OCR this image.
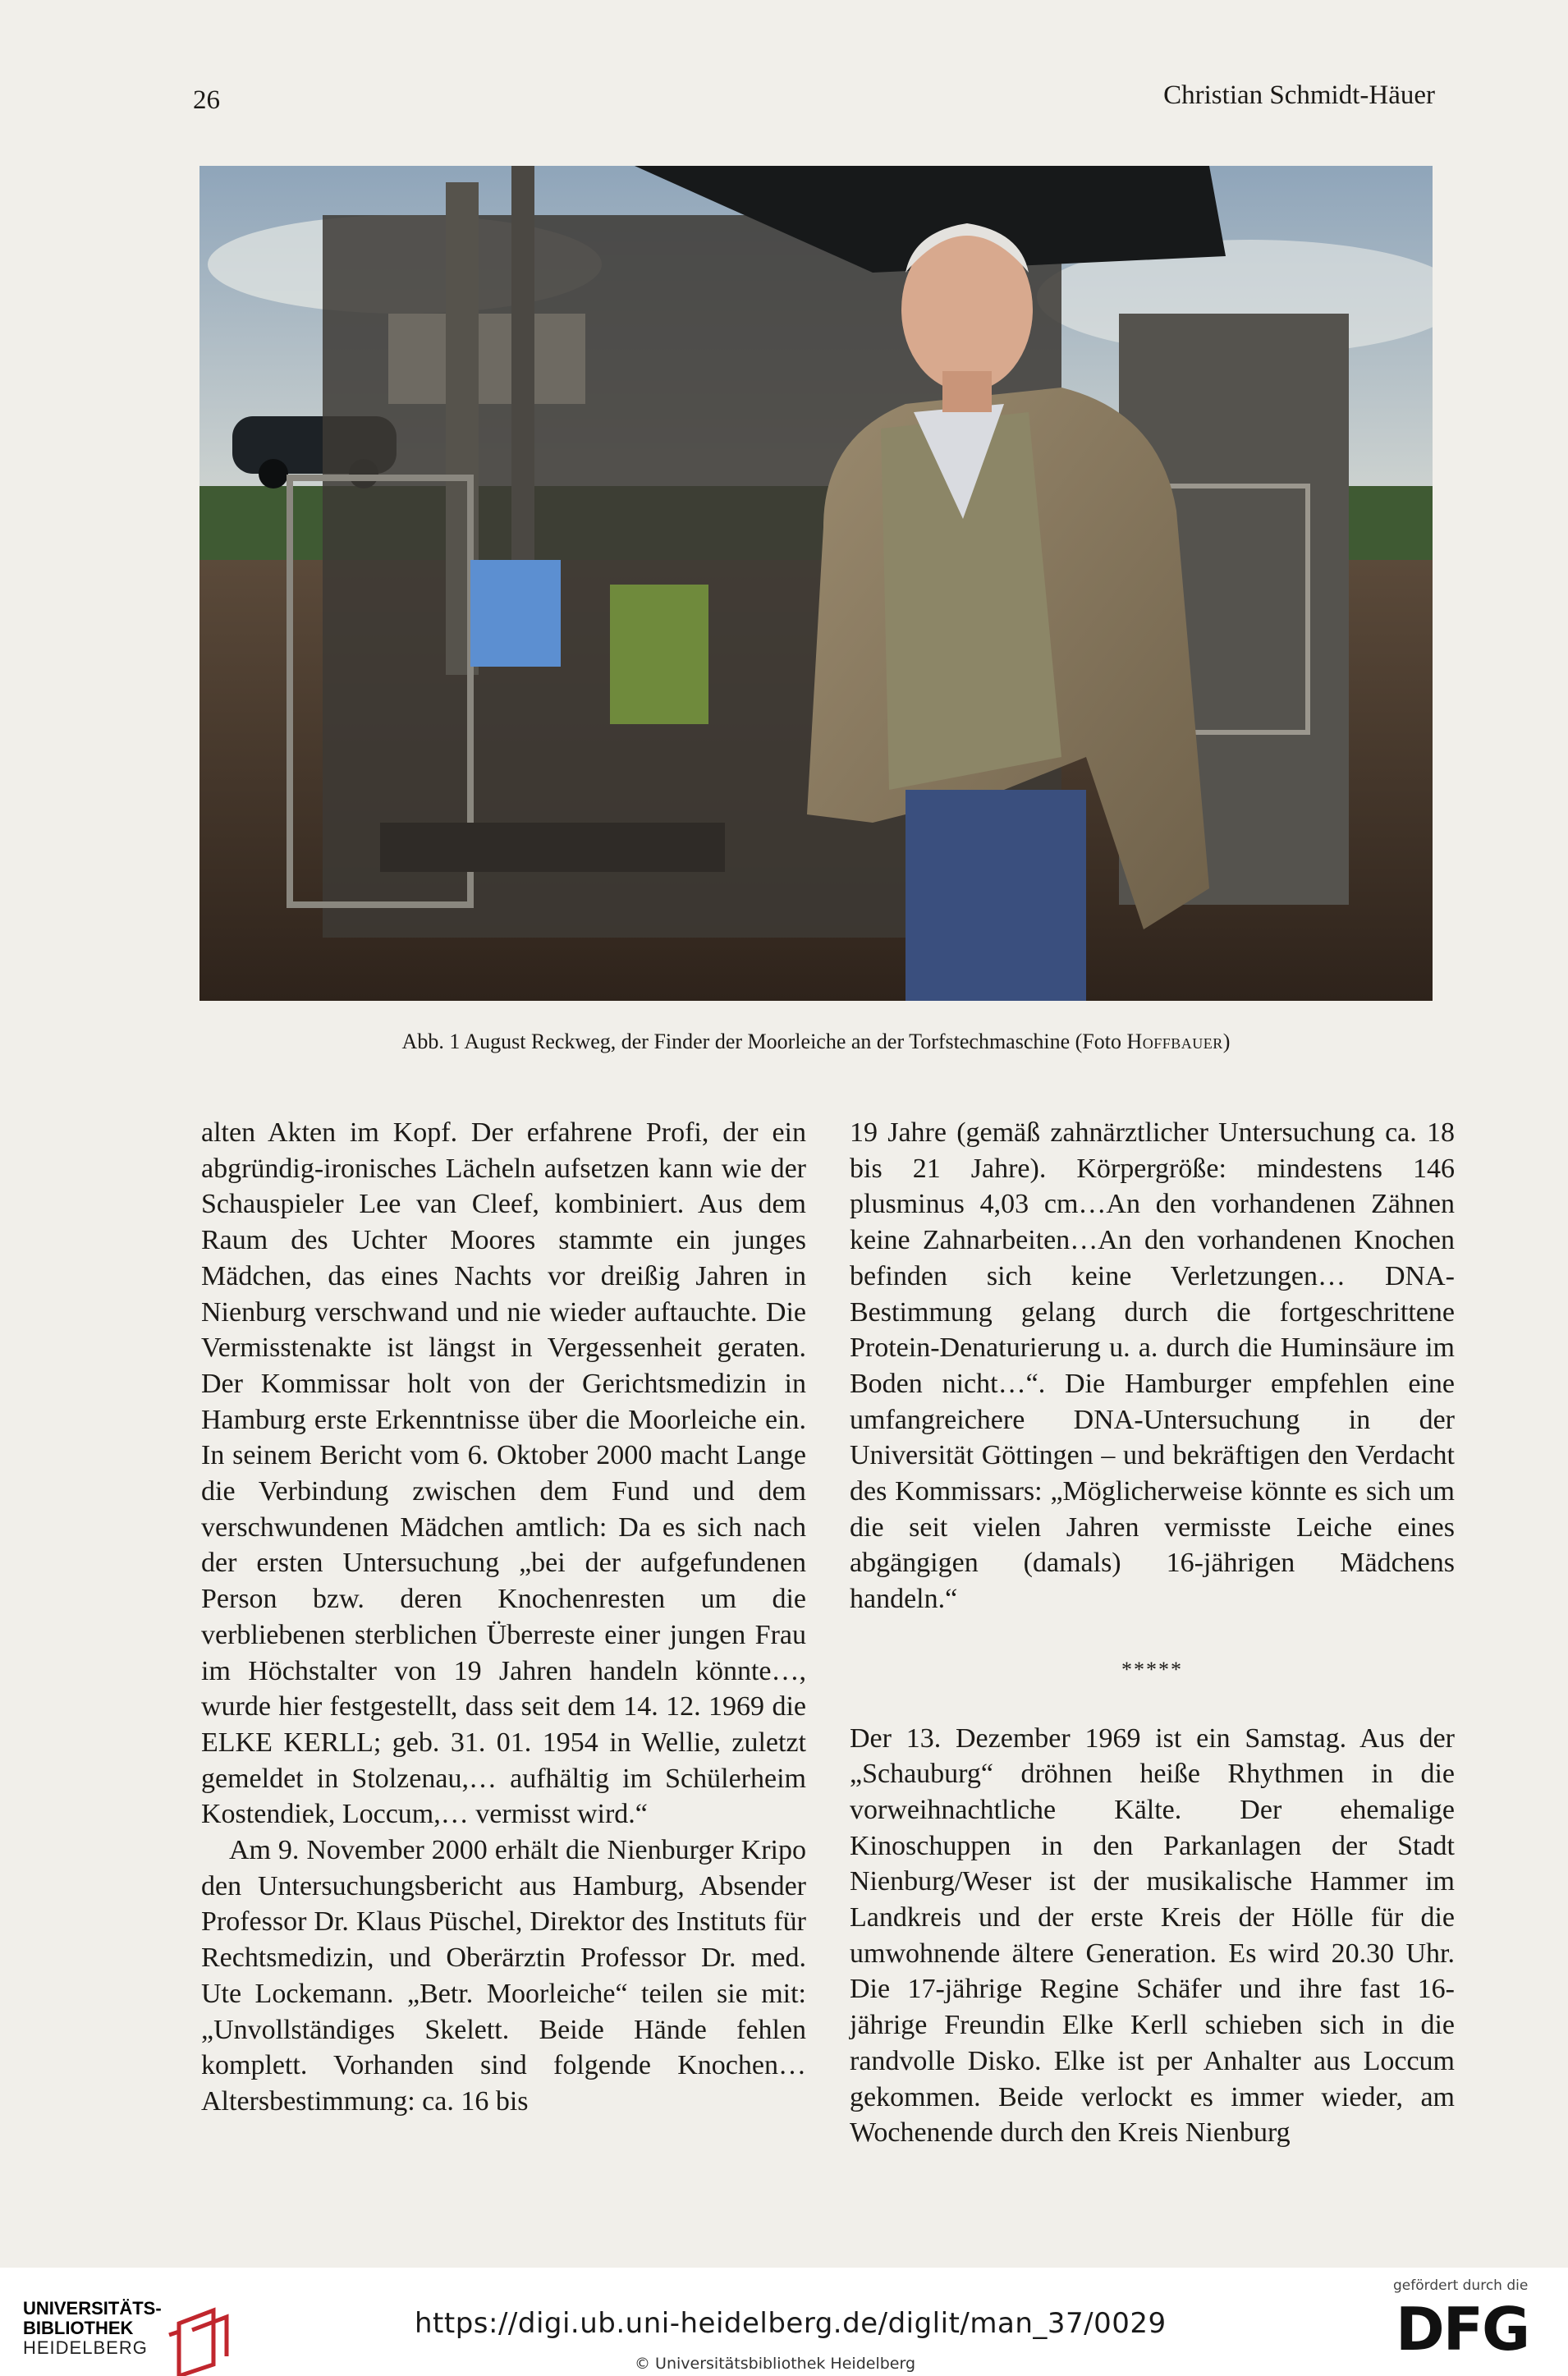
26	Christian Schmidt-Häuer
Abb. 1 August Reckweg, der Finder der Moorleiche an der Torfstechmaschine (Foto Hoffbauer)

alten Akten im Kopf. Der erfahrene Profi, der ein abgründig-ironisches Lächeln aufsetzen kann wie der Schauspieler Lee van Cleef, kombiniert. Aus dem Raum des Uchter Moores stammte ein junges Mädchen, das eines Nachts vor dreißig Jahren in Nienburg verschwand und nie wieder auftauchte. Die Vermisstenakte ist längst in Vergessenheit geraten. Der Kommissar holt von der Gerichtsmedizin in Hamburg erste Erkenntnisse über die Moorleiche ein. In seinem Bericht vom 6. Oktober 2000 macht Lange die Verbindung zwischen dem Fund und dem verschwundenen Mädchen amtlich: Da es sich nach der ersten Untersuchung „bei der aufgefundenen Person bzw. deren Knochenresten um die verbliebenen sterblichen Überreste einer jungen Frau im Höchstalter von 19 Jahren handeln könnte…, wurde hier festgestellt, dass seit dem 14. 12. 1969 die ELKE KERLL; geb. 31. 01. 1954 in Wellie, zuletzt gemeldet in Stolzenau,… aufhältig im Schülerheim Kostendiek, Loccum,… vermisst wird.“

Am 9. November 2000 erhält die Nienburger Kripo den Untersuchungsbericht aus Hamburg, Absender Professor Dr. Klaus Püschel, Direktor des Instituts für Rechtsmedizin, und Oberärztin Professor Dr. med. Ute Lockemann. „Betr. Moorleiche“ teilen sie mit: „Unvollständiges Skelett. Beide Hände fehlen komplett. Vorhanden sind folgende Knochen…Altersbestimmung: ca. 16 bis

19 Jahre (gemäß zahnärztlicher Untersuchung ca. 18 bis 21 Jahre). Körpergröße: mindestens 146 plusminus 4,03 cm…An den vorhandenen Zähnen keine Zahnarbeiten…An den vorhandenen Knochen befinden sich keine Verletzungen… DNA-Bestimmung gelang durch die fortgeschrittene Protein-Denaturierung u. a. durch die Huminsäure im Boden nicht…“. Die Hamburger empfehlen eine umfangreichere DNA-Untersuchung in der Universität Göttingen – und bekräftigen den Verdacht des Kommissars: „Möglicherweise könnte es sich um die seit vielen Jahren vermisste Leiche eines abgängigen (damals) 16-jährigen Mädchens handeln.“

*****

Der 13. Dezember 1969 ist ein Samstag. Aus der „Schauburg“ dröhnen heiße Rhythmen in die vorweihnachtliche Kälte. Der ehemalige Kinoschuppen in den Parkanlagen der Stadt Nienburg/Weser ist der musikalische Hammer im Landkreis und der erste Kreis der Hölle für die umwohnende ältere Generation. Es wird 20.30 Uhr. Die 17-jährige Regine Schäfer und ihre fast 16-jährige Freundin Elke Kerll schieben sich in die randvolle Disko. Elke ist per Anhalter aus Loccum gekommen. Beide verlockt es immer wieder, am Wochenende durch den Kreis Nienburg

UNIVERSITÄTS-
BIBLIOTHEK
HEIDELBERG
https://digi.ub.uni-heidelberg.de/diglit/man_37/0029
© Universitätsbibliothek Heidelberg
gefördert durch die
DFG
